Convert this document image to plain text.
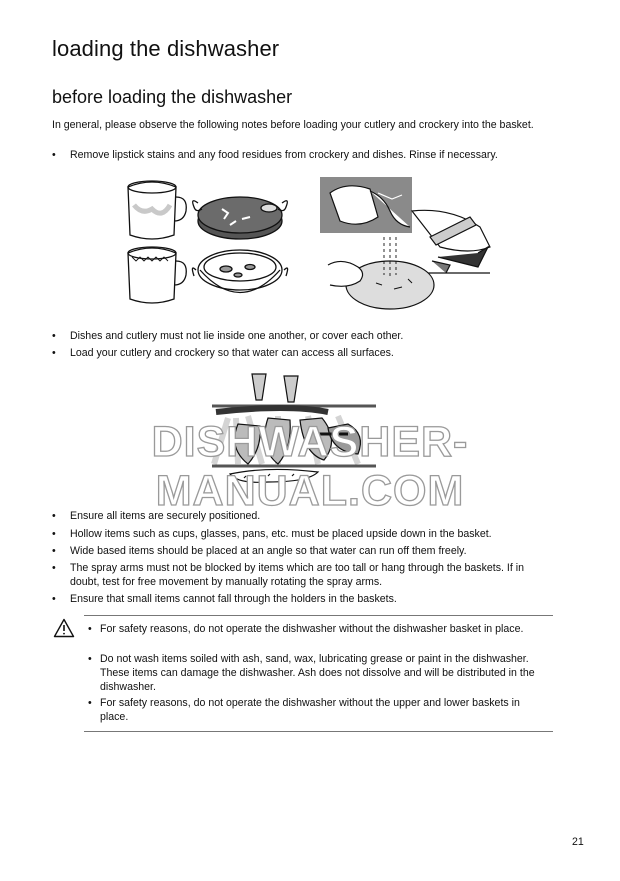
loading the dishwasher
before loading the dishwasher

In general, please observe the following notes before loading your cutlery and crockery into the basket.

• Remove lipstick stains and any food residues from crockery and dishes. Rinse if necessary.
• Dishes and cutlery must not lie inside one another, or cover each other.
• Load your cutlery and crockery so that water can access all surfaces.
DISHWASHER-MANUAL.COM
• Ensure all items are securely positioned.
• Hollow items such as cups, glasses, pans, etc. must be placed upside down in the basket.
• Wide based items should be placed at an angle so that water can run off them freely.
• The spray arms must not be blocked by items which are too tall or hang through the baskets. If in doubt, test for free movement by manually rotating the spray arms.
• Ensure that small items cannot fall through the holders in the baskets.
• For safety reasons, do not operate the dishwasher without the dishwasher basket in place.
• Do not wash items soiled with ash, sand, wax, lubricating grease or paint in the dishwasher. These items can damage the dishwasher. Ash does not dissolve and will be distributed in the dishwasher.
• For safety reasons, do not operate the dishwasher without the upper and lower baskets in place.
21
